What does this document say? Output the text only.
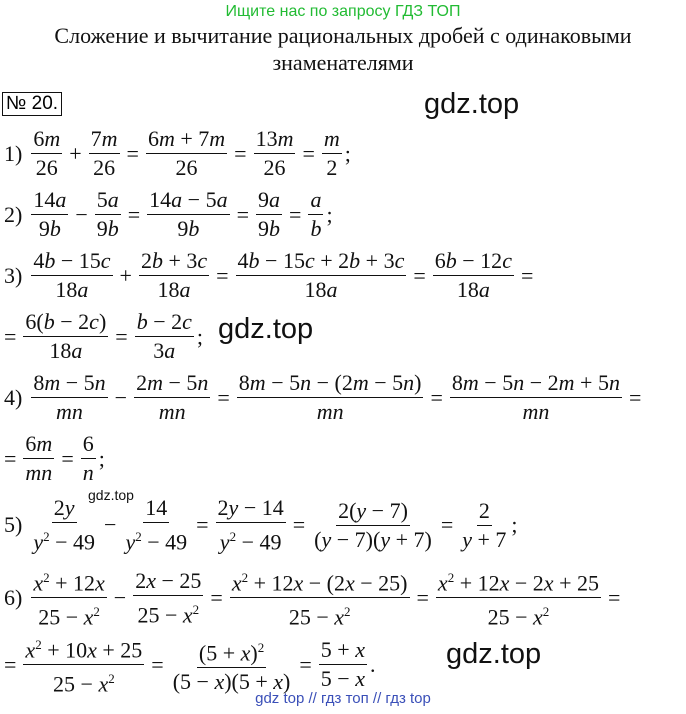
Ищите нас по запросу ГДЗ ТОП
Сложение и вычитание рациональных дробей с одинаковыми
знаменателями
№ 20.	gdz.top
$1) \frac{6m}{26} + \frac{7m}{26} = \frac{6m + 7m}{26} = \frac{13m}{26} = \frac{m}{2}$ ;
$2) \frac{14a}{9b} - \frac{5a}{9b} = \frac{14a - 5a}{9b} = \frac{9a}{9b} = \frac{a}{b}$ ;
$3) \frac{4b - 15c}{18a} + \frac{2b + 3c}{18a} = \frac{4b - 15c + 2b + 3c}{18a} = \frac{6b - 12c}{18a}$ =
= $\frac{6(b - 2c)}{18a} = \frac{b - 2c}{3a}$ ; gdz.top
$4) \frac{8m - 5n}{mn} - \frac{2m - 5n}{mn} = \frac{8m - 5n - (2m - 5n)}{mn} = \frac{8m - 5n - 2m + 5n}{mn}$ =
= $\frac{6m}{mn} = \frac{6}{n}$ ;
gdz.top
$5) \frac{2y}{y^2 - 49} - \frac{14}{y^2 - 49} = \frac{2y - 14}{y^2 - 49} = \frac{2(y - 7)}{(y - 7)(y + 7)} = \frac{2}{y + 7}$ ;
$6) \frac{x^2 + 12x}{25 - x^2} - \frac{2x - 25}{25 - x^2} = \frac{x^2 + 12x - (2x - 25)}{25 - x^2} = \frac{x^2 + 12x - 2x + 25}{25 - x^2}$ =
= $\frac{x^2 + 10x + 25}{25 - x^2} = \frac{(5 + x)^2}{(5 - x)(5 + x)} = \frac{5 + x}{5 - x}$ . gdz.top
gdz top // гдз топ // гдз top
